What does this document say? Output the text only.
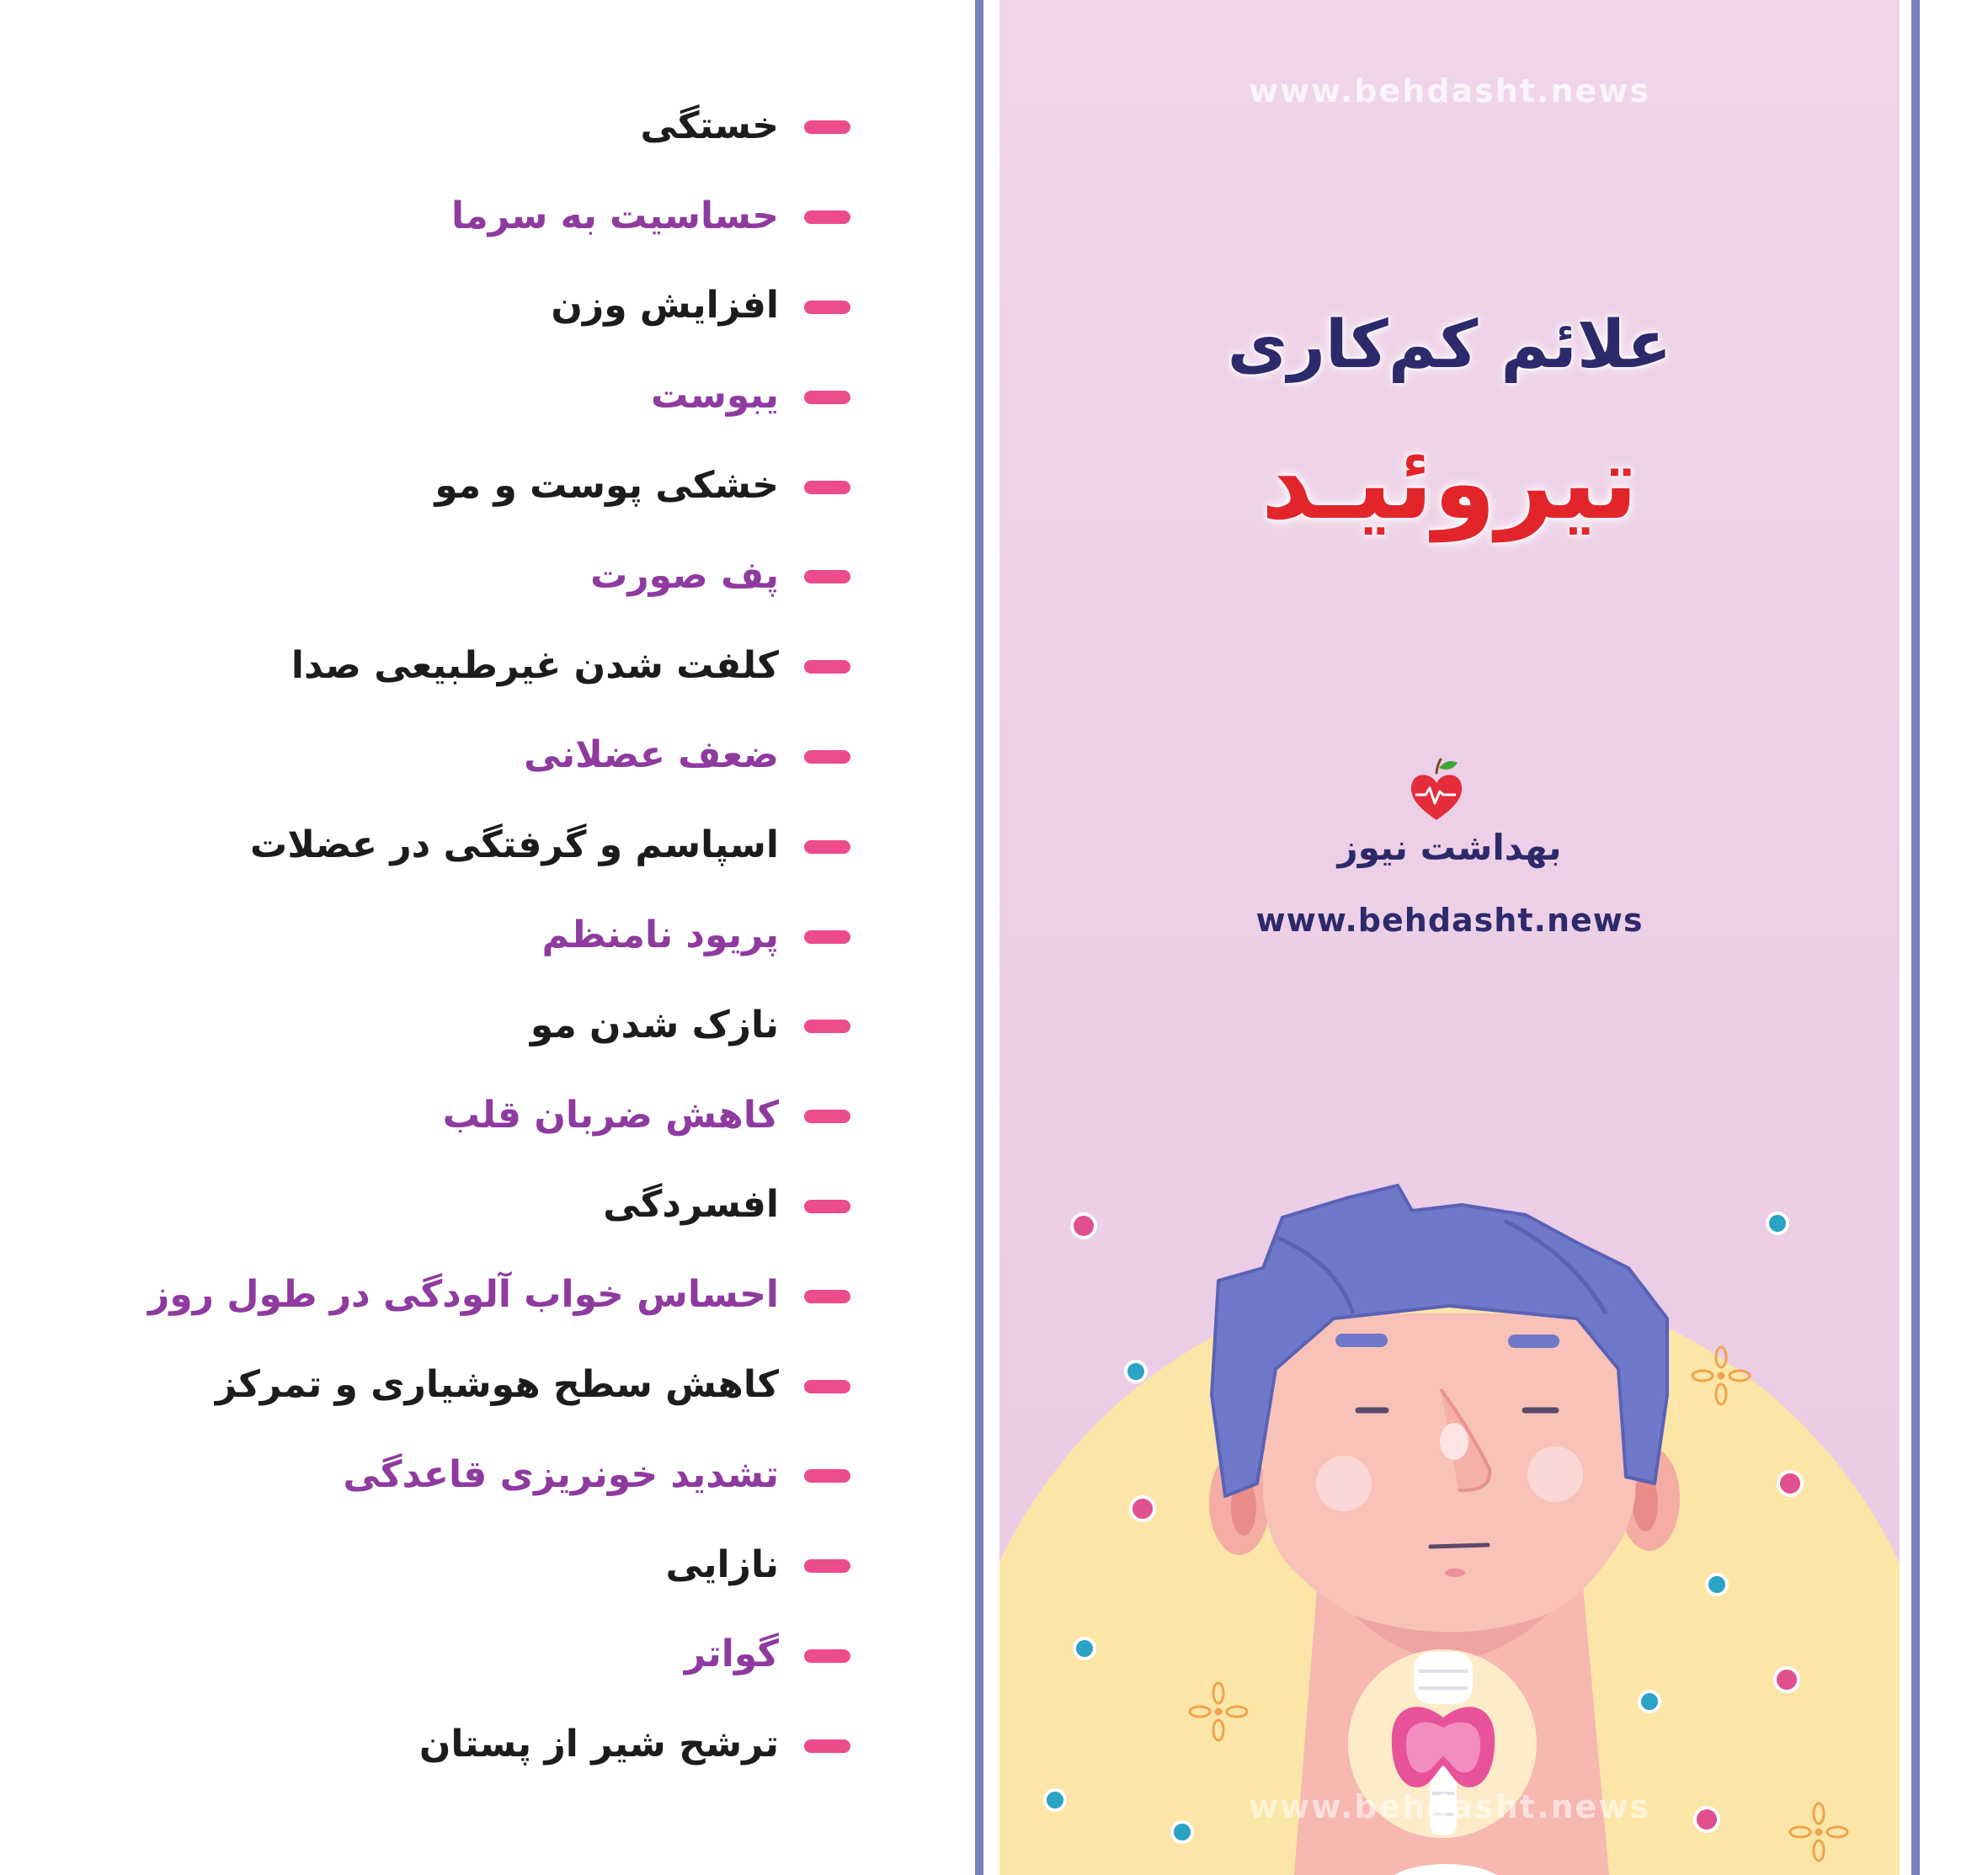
خستگی
حساسیت به سرما
افزایش وزن
یبوست
خشکی پوست و مو
پف صورت
کلفت شدن غیرطبیعی صدا
ضعف عضلانی
اسپاسم و گرفتگی در عضلات
پریود نامنظم
نازک شدن مو
کاهش ضربان قلب
افسردگی
احساس خواب آلودگی در طول روز
کاهش سطح هوشیاری و تمرکز
تشدید خونریزی قاعدگی
نازایی
گواتر
ترشح شیر از پستان
www.behdasht.news
علائم کم‌کاری
تیروئیـد
بهداشت نیوز
www.behdasht.news
www.behdasht.news
